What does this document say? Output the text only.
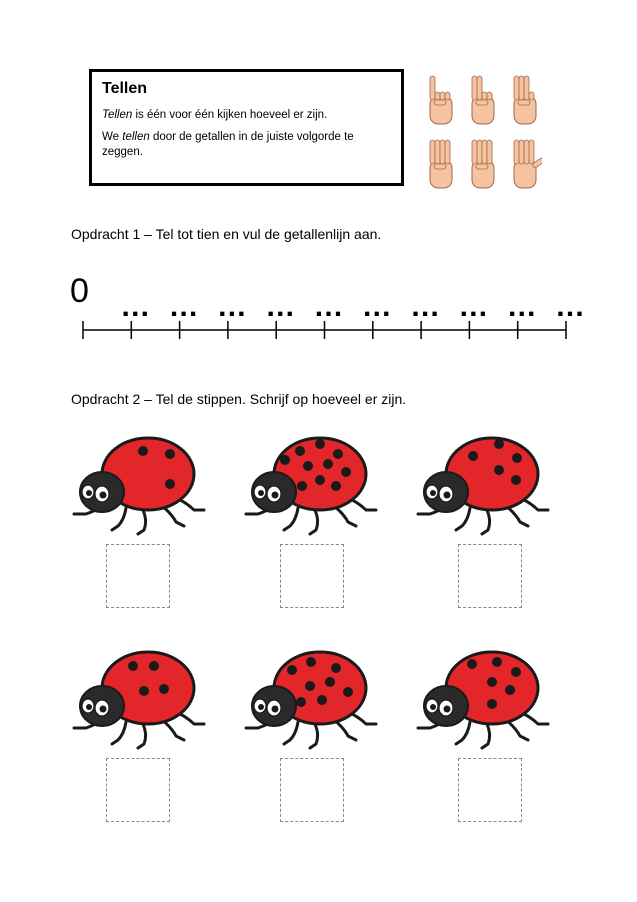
Tellen

Tellen is één voor één kijken hoeveel er zijn.

We tellen door de getallen in de juiste volgorde te zeggen.

Opdracht 1 – Tel tot tien en vul de getallenlijn aan.
0 … … … … … … … … … …
Opdracht 2 – Tel de stippen. Schrijf op hoeveel er zijn.
